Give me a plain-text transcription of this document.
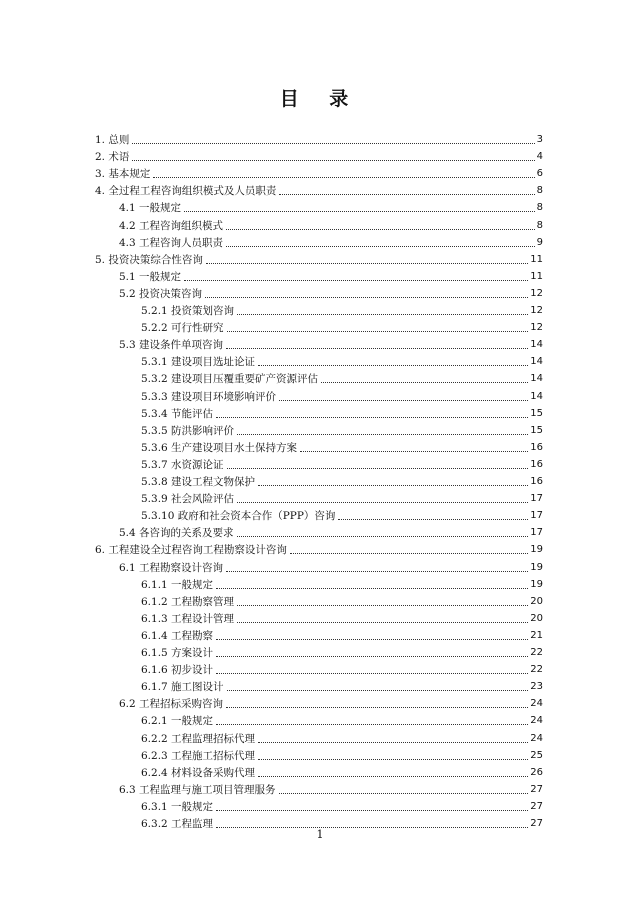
目 录
1. 总则	3
2. 术语	4
3. 基本规定	6
4. 全过程工程咨询组织模式及人员职责	8
4.1 一般规定	8
4.2 工程咨询组织模式	8
4.3 工程咨询人员职责	9
5. 投资决策综合性咨询	11
5.1 一般规定	11
5.2 投资决策咨询	12
5.2.1 投资策划咨询	12
5.2.2 可行性研究	12
5.3 建设条件单项咨询	14
5.3.1 建设项目选址论证	14
5.3.2 建设项目压覆重要矿产资源评估	14
5.3.3 建设项目环境影响评价	14
5.3.4 节能评估	15
5.3.5 防洪影响评价	15
5.3.6 生产建设项目水土保持方案	16
5.3.7 水资源论证	16
5.3.8 建设工程文物保护	16
5.3.9 社会风险评估	17
5.3.10 政府和社会资本合作（PPP）咨询	17
5.4 各咨询的关系及要求	17
6. 工程建设全过程咨询工程勘察设计咨询	19
6.1 工程勘察设计咨询	19
6.1.1 一般规定	19
6.1.2 工程勘察管理	20
6.1.3 工程设计管理	20
6.1.4 工程勘察	21
6.1.5 方案设计	22
6.1.6 初步设计	22
6.1.7 施工图设计	23
6.2 工程招标采购咨询	24
6.2.1 一般规定	24
6.2.2 工程监理招标代理	24
6.2.3 工程施工招标代理	25
6.2.4 材料设备采购代理	26
6.3 工程监理与施工项目管理服务	27
6.3.1 一般规定	27
6.3.2 工程监理	27
1
